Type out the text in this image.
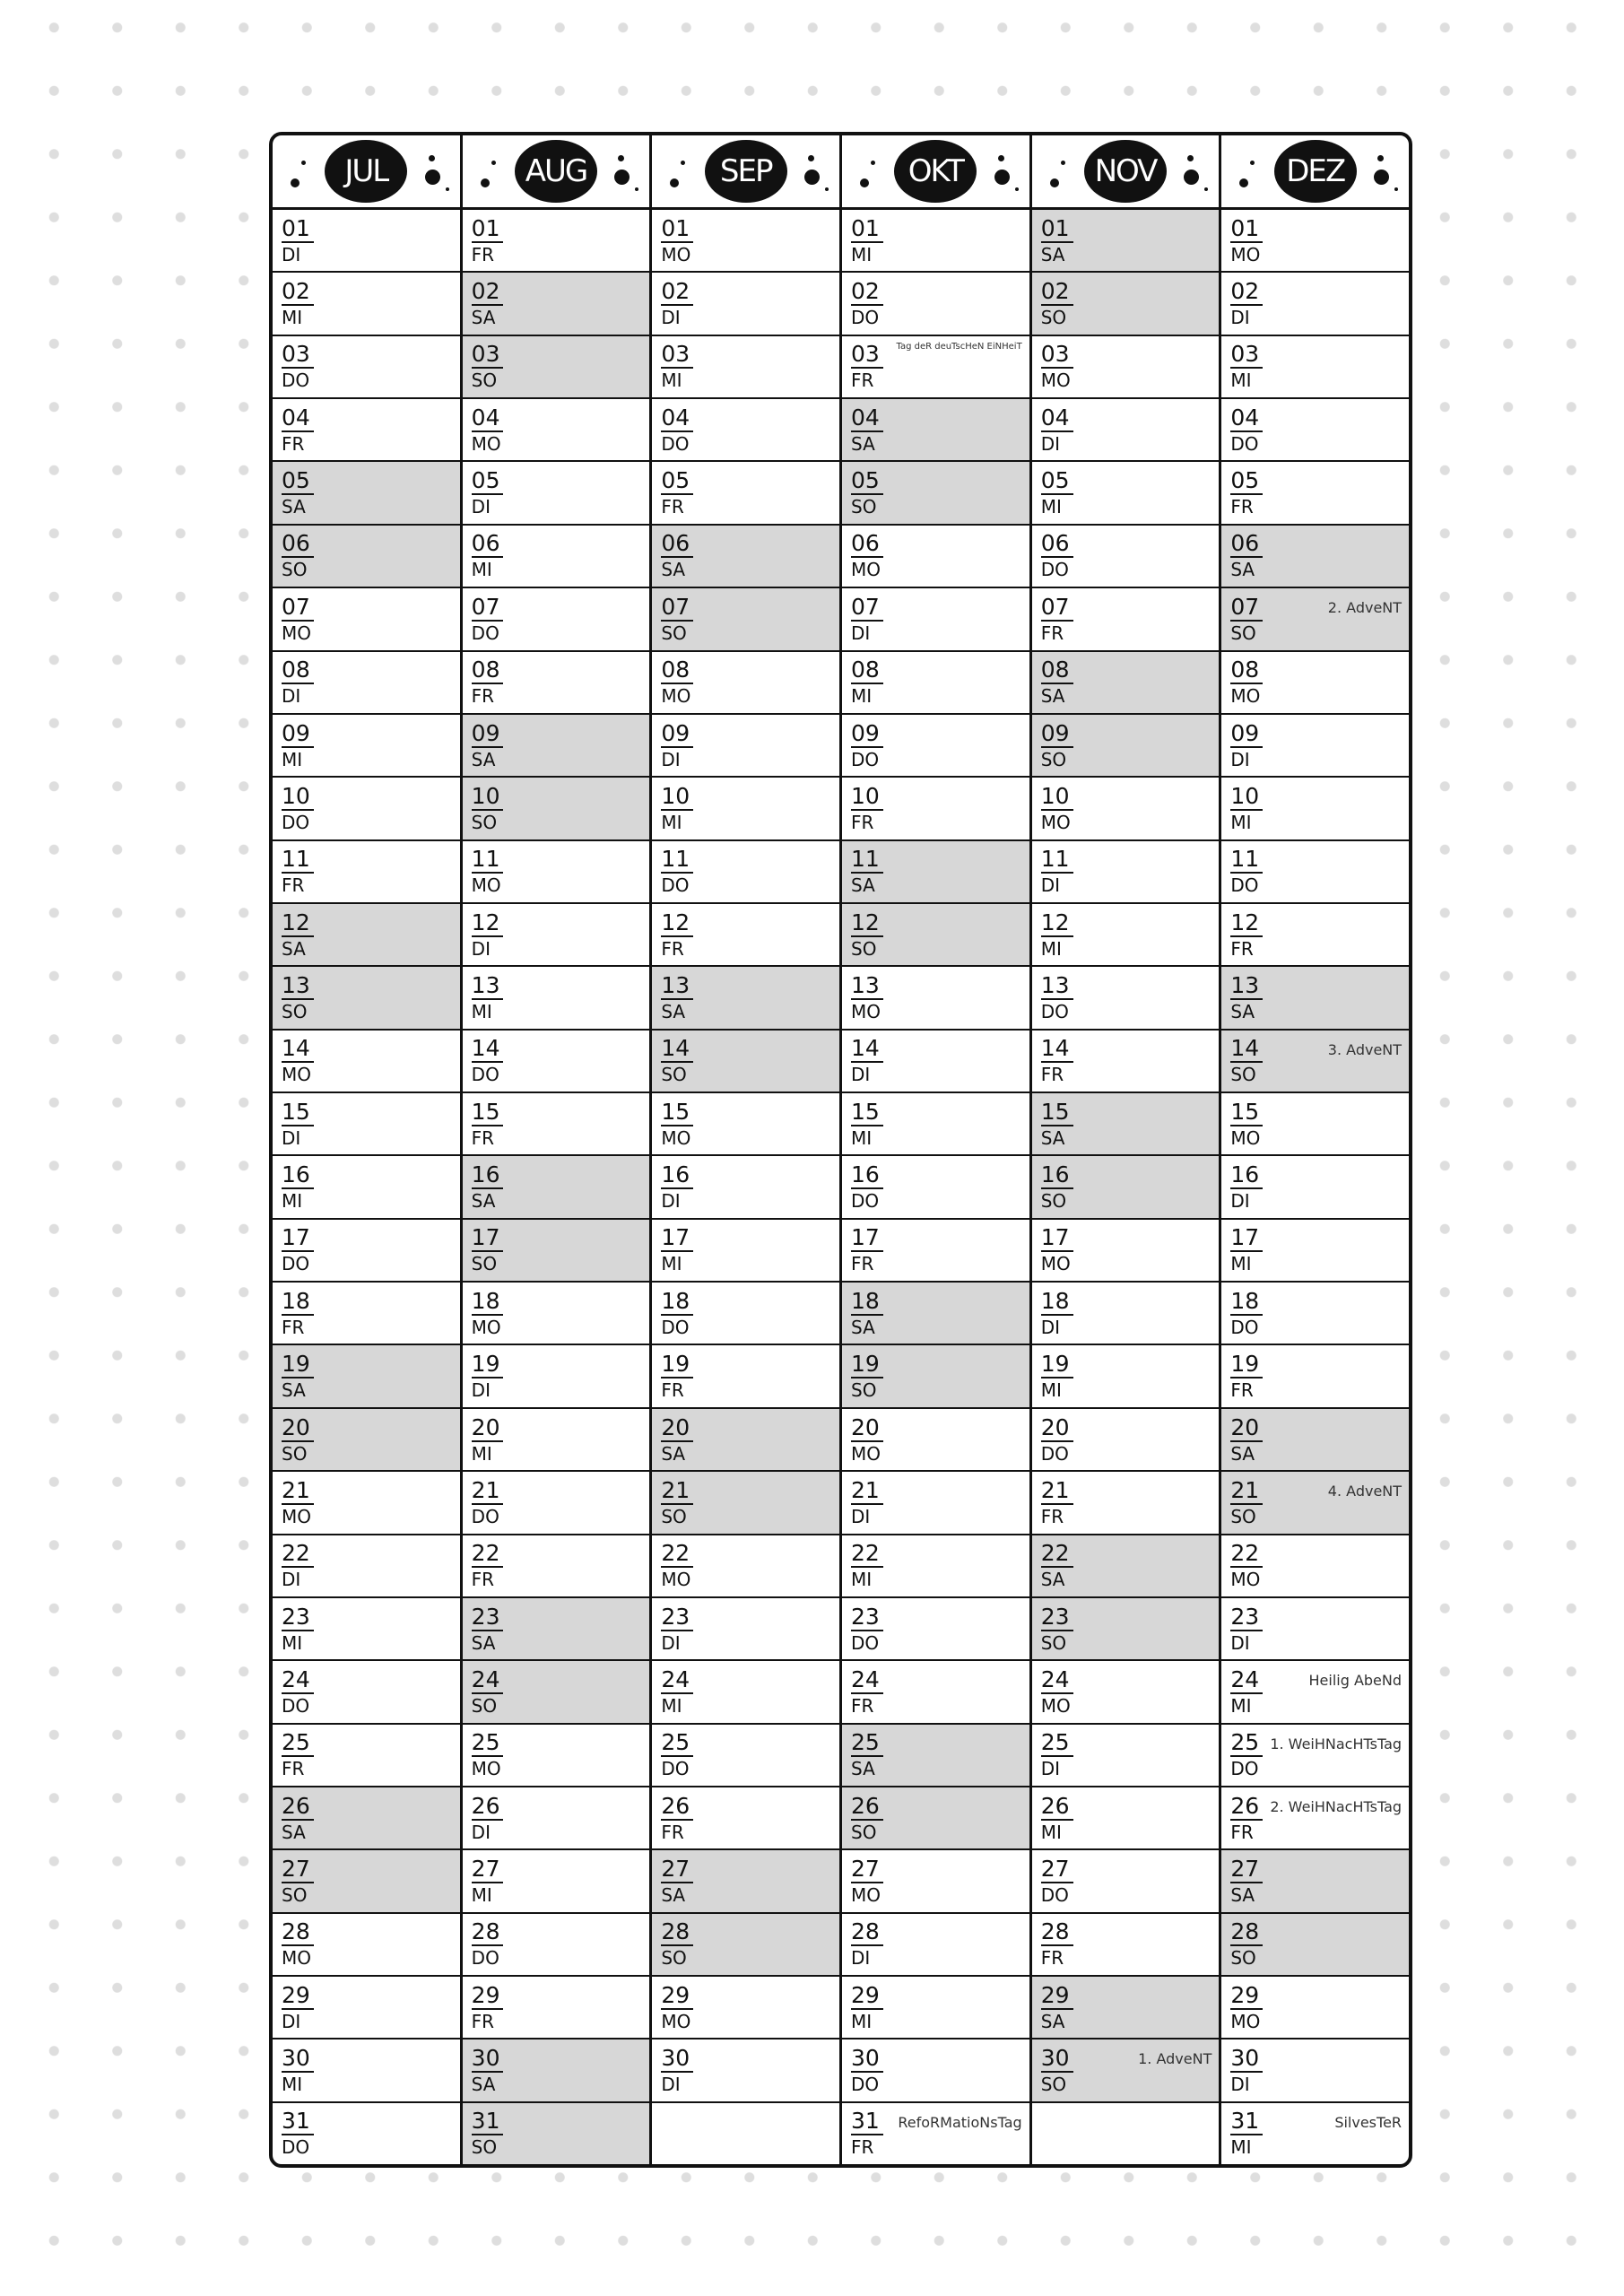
JUL
01
DI
02
MI
03
DO
04
FR
05
SA
06
SO
07
MO
08
DI
09
MI
10
DO
11
FR
12
SA
13
SO
14
MO
15
DI
16
MI
17
DO
18
FR
19
SA
20
SO
21
MO
22
DI
23
MI
24
DO
25
FR
26
SA
27
SO
28
MO
29
DI
30
MI
31
DO
AUG
01
FR
02
SA
03
SO
04
MO
05
DI
06
MI
07
DO
08
FR
09
SA
10
SO
11
MO
12
DI
13
MI
14
DO
15
FR
16
SA
17
SO
18
MO
19
DI
20
MI
21
DO
22
FR
23
SA
24
SO
25
MO
26
DI
27
MI
28
DO
29
FR
30
SA
31
SO
SEP
01
MO
02
DI
03
MI
04
DO
05
FR
06
SA
07
SO
08
MO
09
DI
10
MI
11
DO
12
FR
13
SA
14
SO
15
MO
16
DI
17
MI
18
DO
19
FR
20
SA
21
SO
22
MO
23
DI
24
MI
25
DO
26
FR
27
SA
28
SO
29
MO
30
DI
OKT
01
MI
02
DO
03
FR
Tag deR deuTscHeN EiNHeiT
04
SA
05
SO
06
MO
07
DI
08
MI
09
DO
10
FR
11
SA
12
SO
13
MO
14
DI
15
MI
16
DO
17
FR
18
SA
19
SO
20
MO
21
DI
22
MI
23
DO
24
FR
25
SA
26
SO
27
MO
28
DI
29
MI
30
DO
31
FR
RefoRMatioNsTag
NOV
01
SA
02
SO
03
MO
04
DI
05
MI
06
DO
07
FR
08
SA
09
SO
10
MO
11
DI
12
MI
13
DO
14
FR
15
SA
16
SO
17
MO
18
DI
19
MI
20
DO
21
FR
22
SA
23
SO
24
MO
25
DI
26
MI
27
DO
28
FR
29
SA
30
SO
1. AdveNT
DEZ
01
MO
02
DI
03
MI
04
DO
05
FR
06
SA
07
SO
2. AdveNT
08
MO
09
DI
10
MI
11
DO
12
FR
13
SA
14
SO
3. AdveNT
15
MO
16
DI
17
MI
18
DO
19
FR
20
SA
21
SO
4. AdveNT
22
MO
23
DI
24
MI
Heilig AbeNd
25
DO
1. WeiHNacHTsTag
26
FR
2. WeiHNacHTsTag
27
SA
28
SO
29
MO
30
DI
31
MI
SilvesTeR
